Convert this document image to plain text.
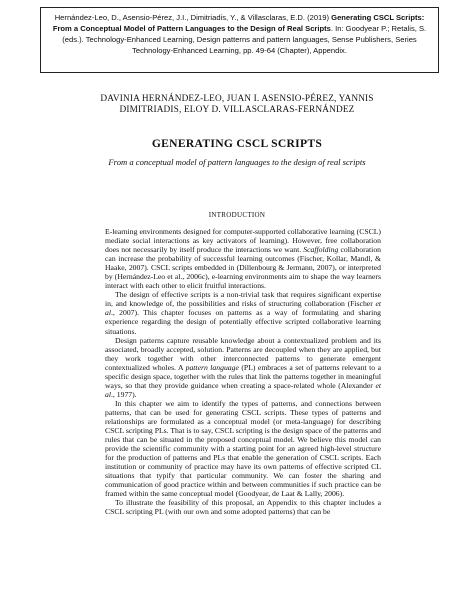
Hernández-Leo, D., Asensio-Pérez, J.I., Dimitriadis, Y., & Villasclaras, E.D. (2019) Generating CSCL Scripts: From a Conceptual Model of Pattern Languages to the Design of Real Scripts. In: Goodyear P.; Retalis, S. (eds.). Technology-Enhanced Learning, Design patterns and pattern languages, Sense Publishers, Series Technology-Enhanced Learning, pp. 49-64 (Chapter), Appendix.
DAVINIA HERNÁNDEZ-LEO, JUAN I. ASENSIO-PÉREZ, YANNIS
DIMITRIADIS, ELOY D. VILLASCLARAS-FERNÁNDEZ
GENERATING CSCL SCRIPTS
From a conceptual model of pattern languages to the design of real scripts
INTRODUCTION

E-learning environments designed for computer-supported collaborative learning (CSCL) mediate social interactions as key activators of learning). However, free collaboration does not necessarily by itself produce the interactions we want. Scaffolding collaboration can increase the probability of successful learning outcomes (Fischer, Kollar, Mandl, & Haake, 2007). CSCL scripts embedded in (Dillenbourg & Jermann, 2007), or interpreted by (Hernández-Leo et al., 2006c), e-learning environments aim to shape the way learners interact with each other to elicit fruitful interactions.

The design of effective scripts is a non-trivial task that requires significant expertise in, and knowledge of, the possibilities and risks of structuring collaboration (Fischer et al., 2007). This chapter focuses on patterns as a way of formulating and sharing experience regarding the design of potentially effective scripted collaborative learning situations.

Design patterns capture reusable knowledge about a contextualized problem and its associated, broadly accepted, solution. Patterns are decoupled when they are applied, but they work together with other interconnected patterns to generate emergent contextualized wholes. A pattern language (PL) embraces a set of patterns relevant to a specific design space, together with the rules that link the patterns together in meaningful ways, so that they provide guidance when creating a space-related whole (Alexander et al., 1977).

In this chapter we aim to identify the types of patterns, and connections between patterns, that can be used for generating CSCL scripts. These types of patterns and relationships are formulated as a conceptual model (or meta-language) for describing CSCL scripting PLs. That is to say, CSCL scripting is the design space of the patterns and rules that can be situated in the proposed conceptual model. We believe this model can provide the scientific community with a starting point for an agreed high-level structure for the production of patterns and PLs that enable the generation of CSCL scripts. Each institution or community of practice may have its own patterns of effective scripted CL situations that typify that particular community. We can foster the sharing and communication of good practice within and between communities if such practice can be framed within the same conceptual model (Goodyear, de Laat & Lally, 2006).

To illustrate the feasibility of this proposal, an Appendix to this chapter includes a CSCL scripting PL (with our own and some adopted patterns) that can be
